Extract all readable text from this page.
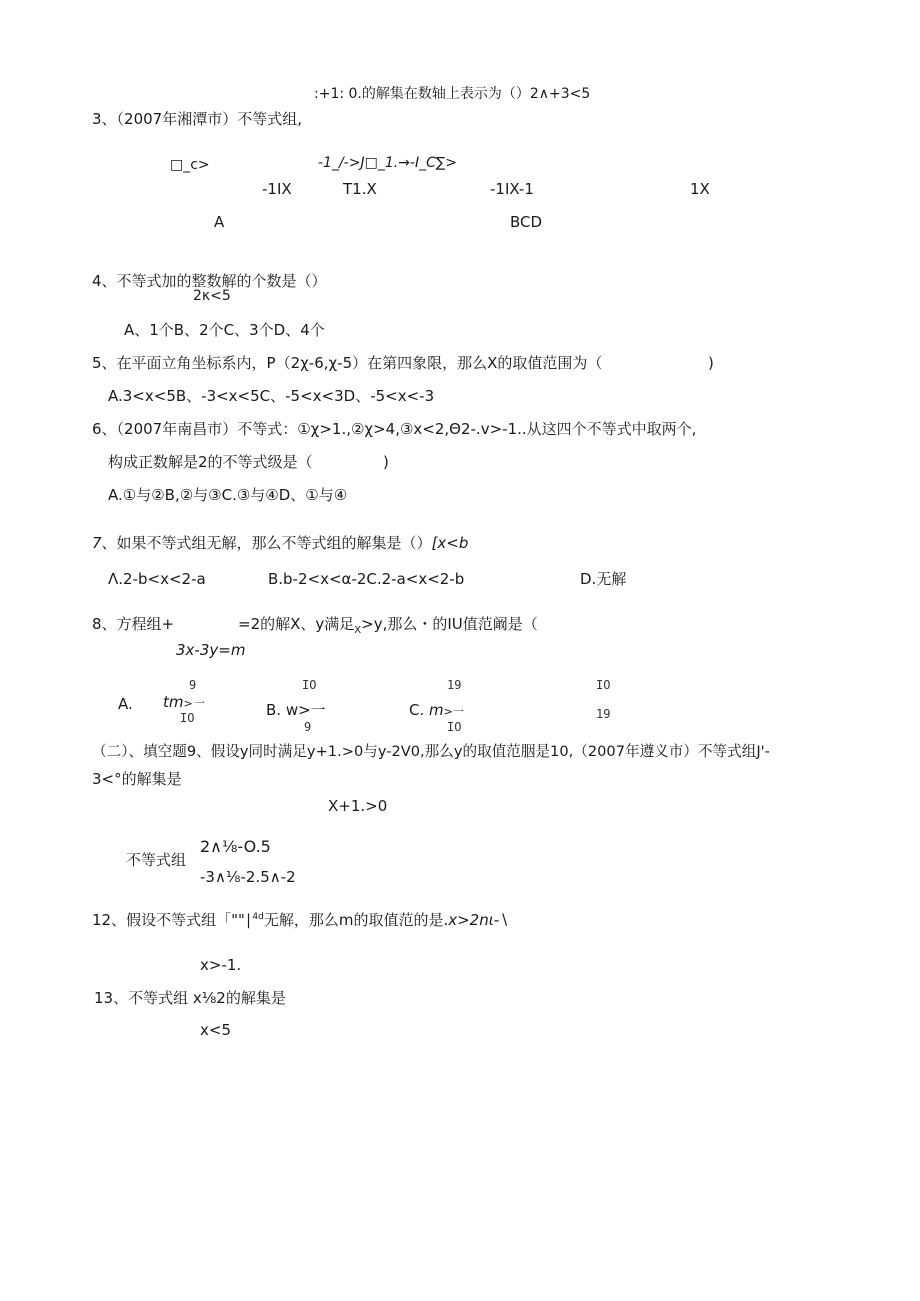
:+1: 0.的解集在数轴上表示为（）2∧+3<5
3、（2007年湘潭市）不等式组,
□_c>	-1_/->J□_1.→-I_C∑>
-1IX	T1.X	-1IX-1	1X
A	BCD
4、不等式加的整数解的个数是（）
2κ<5
A、1个B、2个C、3个D、4个
5、在平面立角坐标系内，P（2χ-6,χ-5）在第四象限，那么X的取值范围为（	)
A.3<x<5B、-3<x<5C、-5<x<3D、-5<x<-3
6、（2007年南昌市）不等式：①χ>1.,②χ>4,③x<2,Θ2-.v>-1..从这四个不等式中取两个,
构成正数解是2的不等式级是（	)
A.①与②B,②与③C.③与④D、①与④
7、如果不等式组无解，那么不等式组的解集是（）[x<b
Λ.2-b<x<2-a	B.b-2<x<α-2C.2-a<x<2-b	D.无解
8、方程组+	=2的解X、y满足$_X$>y,那么・的IU值范阚是（
3x-3y=m
9
A. tm>一
IO
IO
B. w>一
9
19
C. m>一
IO
IO
19
（二）、填空题9、假设y同时满足y+1.>0与y-2V0,那么y的取值范胭是10,（2007年遵义市）不等式组J'-
3<°的解集是
X+1.>0
不等式组
2∧⅛-O.5
-3∧⅛-2.5∧-2
12、假设不等式组「""∣$^{4d}$无解，那么m的取值范的是.x>2nι-∖
x>-1.
13、不等式组 x⅛2的解集是
x<5
